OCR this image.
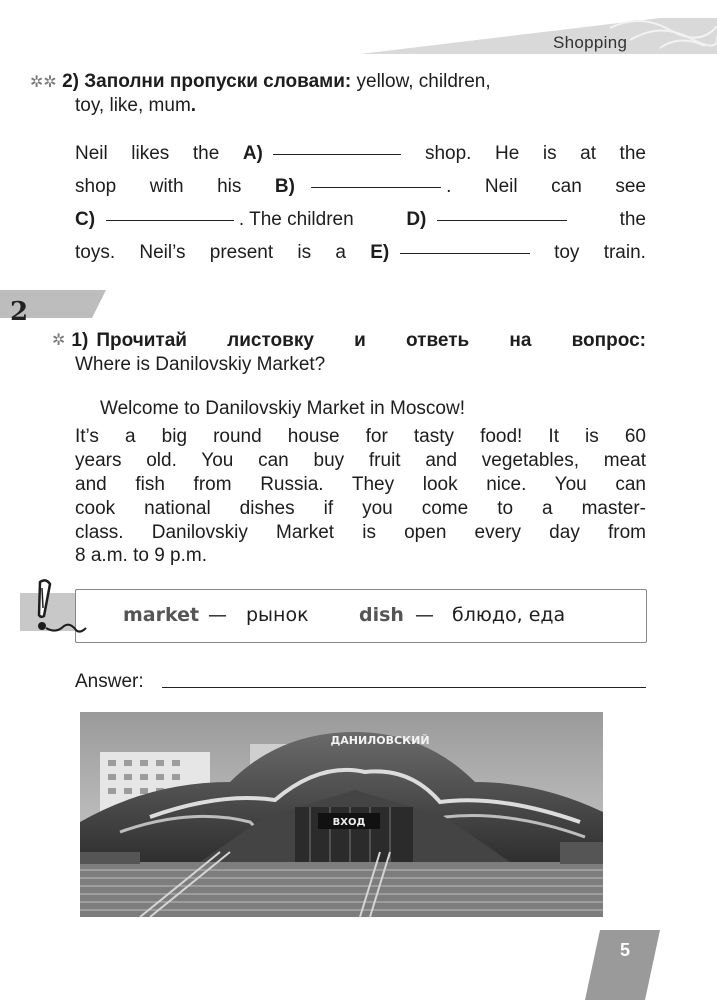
Shopping
✲✲ 2) Заполни пропуски словами: yellow, children,
toy, like, mum.
Neil likes the A)	shop. He is at the
shop with his B)	. Neil can see
C)	. The children	D)	the
toys. Neil’s present is a E)	toy train.
2
✲ 1) Прочитай листовку и ответь на вопрос:
Where is Danilovskiy Market?
Welcome to Danilovskiy Market in Moscow!
It’s a big round house for tasty food! It is 60
years old. You can buy fruit and vegetables, meat
and fish from Russia. They look nice. You can
cook national dishes if you come to a master-
class. Danilovskiy Market is open every day from
8 a.m. to 9 p.m.
market — рынок	dish — блюдо, еда
Answer:
ВХОД
ДАНИЛОВСКИЙ
5
